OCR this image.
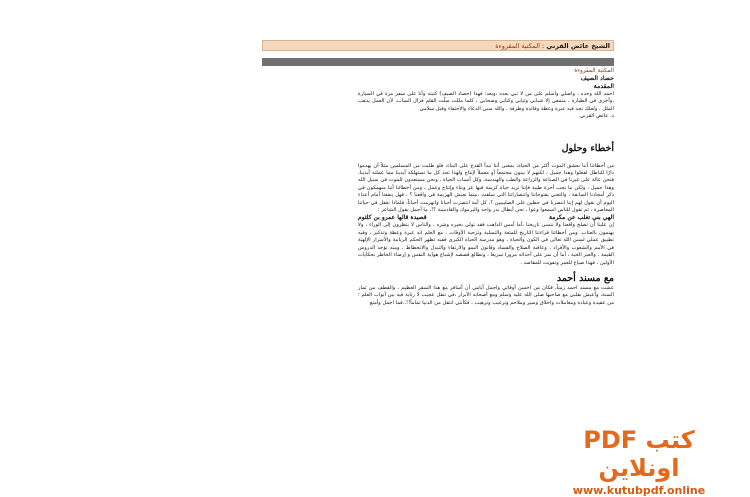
الشيخ عائض القرني : المكتبة المقروءة
المكتبة المقروءة
حصاد الصيف
المقدمة
احمد الله وحده ، واصلي واسلم على من لا نبي بعده ،وبعد: فهذا (حصاد الصيف) كتبته وأنا على سفر مرة في السيارة ،وأخرى في الطيارة ، متمعي إلا شبابي وثيابي وكتابي وصحابي ، كلما مللت سلّت القلم فزال الساب، لأن العمل يذهب الملل ، ولعلك تجد فيه عبرة وعظة وفائدة وطرفة ، والله منني الدعاء والاحتفاء وقبل سلامي
د. عائض القرني
أخطاء وحلول
من أخطائنا أننا نعشق الموت أكثر من الحياة، بمعنى أننا نبدأ القدح على البناء، فلو طلبت من المسلمين مثلاً أن يهدموا دارًا للباطل لفعلوا وهذا جميل ، لكنهم لا يبنون مجتمعاً أو معملاً لإنتاج ولهذا تجد كل ما تستهلكه أيدينا مما عملته أيدينا، فنحن عالة على غيرنا في الصناعة والزراعة والطب والهندسة، وكل أسباب الحياة ، ونحن مستعدون للموت في سبيل الله وهذا جميل ، ولكن ما نحب أحرة طيبة فإننا نريد حياة كريمة فيها عز وبناء وإنتاج وعمل ، ومن أخطائنا أننا منهمكون في ذكر أمجادنا السابقة ، والتغني بفتوحاتنا وانتصاراتنا التي سلفت ،بينما نعيش الهزيمة في واقعنا ؟ ، فهل ينفعنا أمام أعداء اليوم أن نقول لهم إننا انتصرنا في حطين على الصليبيين ؟، كل أمة انتصرت أحيانا وانهزمت أحياناً، فلماذا نغفل في حياتنا المعاصرة ، ثم نقول للناس اسمعوا وعوا ، نحن أبطال بدر واحد واليرموك والقادسية ؟!، ما أجمل بقول الشاعر :
الهي بني تغلب عن مكرمة
قصيدة قالها عمرو بن كلثوم
إن علينا أن نصلح واقعنا ولا ننسى تاريخنا ،أما أمس الذاهب فقد تولى بخيره وشره ، والناس لا ينظرون إلى الوراء ، ولا يهتمون بالعتاب. ومن أخطائنا قراءتنا التاريخ للمتعة والتسلية وتزجية الأوقات ، مع العلم انه عبرة وعظة وتذكير ، وفيه تطبيق عملي لسنن الله تعالى في الكون والحياة ، وهو مدرسة الحياة الكبرى فقيه تظهر الحكم الربانية والأسرار الإلهية في الأمم والشعوب والأفراد ، وعاقبة الصلاح والفساد وقانون النمو والارتقاء والتبدل والانحطاط ، ومنه تؤخذ الدروس القيمة ، والعبر الحية ، أما أن نمر على أحداثه مرورا سريعا ، ونطالع قصصه لإشباع هواية النفس و إرضاء الخاطر بحكايات الأولين ، فهذا ضياع للعمر وتفويت للمقاصد .
مع مسند أحمد
عشت مع مسند احمد زمناً، فكان من احسن أوقاتي واجمل أيامي أن أسافر مع هذا السفر العظيم ، والقطف من ثمار السنة، وأعيش بقلبي مع صاحبها صلى الله عليه وسلم ومع أصحابه الأبرار ،في تنقل عجيب لا رتابة فيه بين أبواب العلم ؛ من عقيدة وعبادة ومعاملات واخلاق وسير وملاحم وترغيب وترهيب ، فكأنني انتقل من الدنيا تماماً!!..فما اجمل وأمتع
كتب PDF اونلاين
www.kutubpdf.online
